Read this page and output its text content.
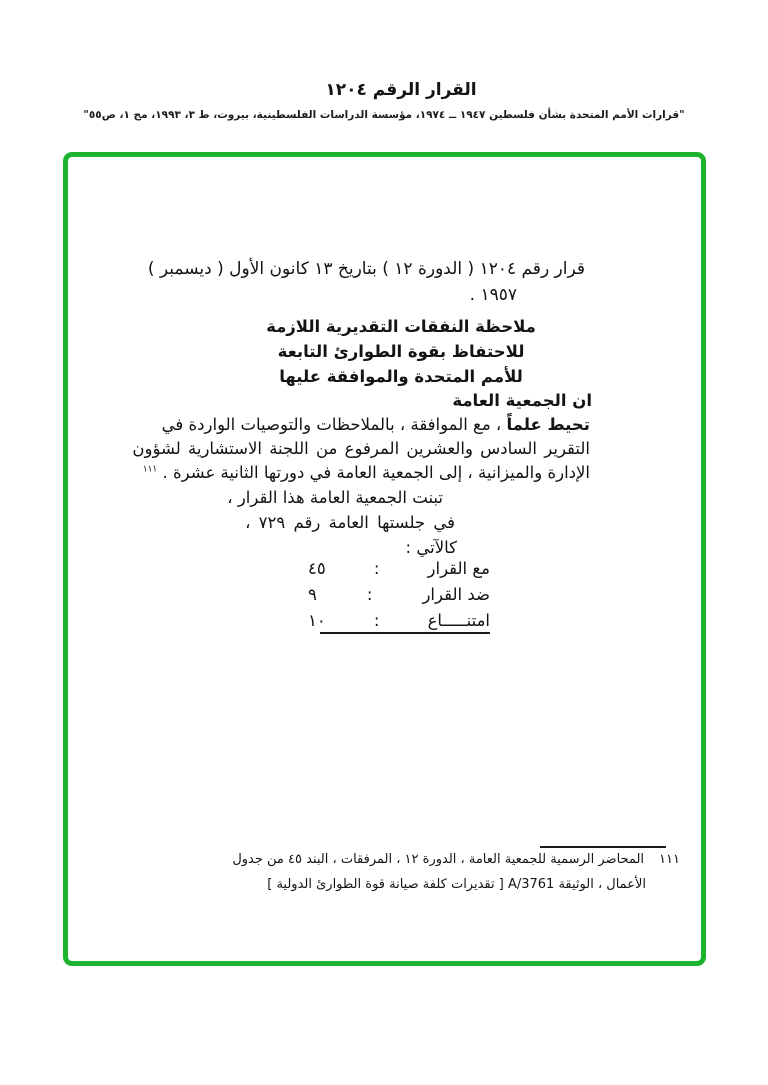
القرار الرقم ١٢٠٤
"قرارات الأمم المتحدة بشأن فلسطين ١٩٤٧ ــ ١٩٧٤، مؤسسة الدراسات الفلسطينية، بيروت، ط ٣، ١٩٩٣، مج ١، ص٥٥"
قرار رقم ١٢٠٤ ( الدورة ١٢ ) بتاريخ ١٣ كانون الأول ( ديسمبر )
١٩٥٧ .
ملاحظة النفقات التقديرية اللازمة
للاحتفاظ بقوة الطوارئ التابعة
للأمم المتحدة والموافقة عليها
ان الجمعية العامة
تحيط علماً ، مع الموافقة ، بالملاحظات والتوصيات الواردة في
التقرير السادس والعشرين المرفوع من اللجنة الاستشارية لشؤون
الإدارة والميزانية ، إلى الجمعية العامة في دورتها الثانية عشرة . $^{١١١}$
تبنت الجمعية العامة هذا القرار ،
في جلستها العامة رقم ٧٢٩ ،
كالآتي :
مع القرار
:
٤٥
ضد القرار
:
٩
امتنـــــاع
:
١٠
١١١
المحاضر الرسمية للجمعية العامة ، الدورة ١٢ ، المرفقات ، البند ٤٥ من جدول
الأعمال ، الوثيقة A/3761 [ تقديرات كلفة صيانة قوة الطوارئ الدولية ]
